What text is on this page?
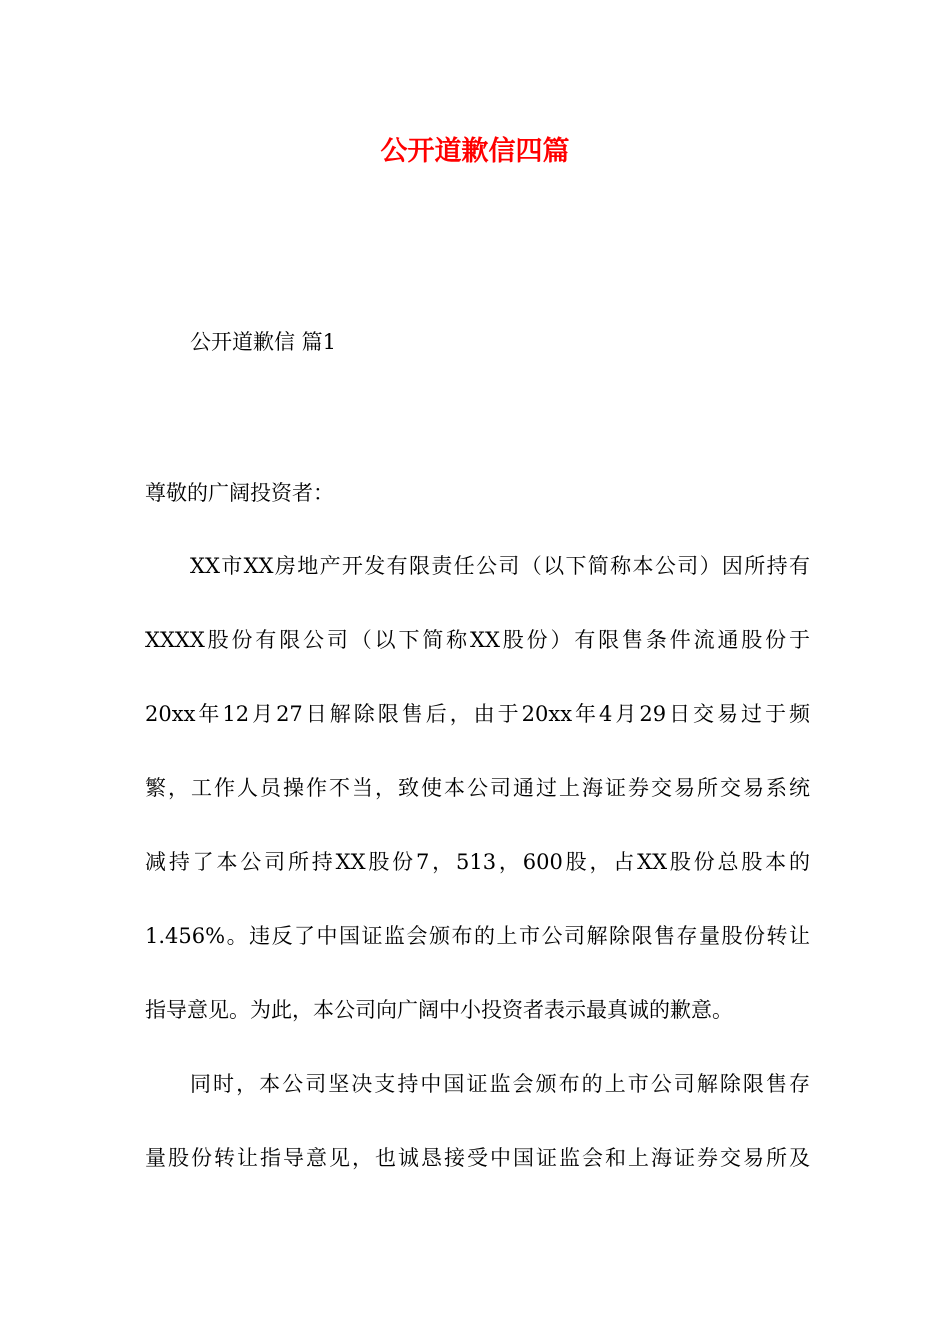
公开道歉信四篇

公开道歉信 篇1

尊敬的广阔投资者：

XX市XX房地产开发有限责任公司（以下简称本公司）因所持有
XXXX股份有限公司（以下简称XX股份）有限售条件流通股份于
20xx年12月27日解除限售后，由于20xx年4月29日交易过于频
繁，工作人员操作不当，致使本公司通过上海证券交易所交易系统
减持了本公司所持XX股份7，513，600股，占XX股份总股本的
1.456%。违反了中国证监会颁布的上市公司解除限售存量股份转让
指导意见。为此，本公司向广阔中小投资者表示最真诚的歉意。
同时，本公司坚决支持中国证监会颁布的上市公司解除限售存
量股份转让指导意见，也诚恳接受中国证监会和上海证券交易所及
